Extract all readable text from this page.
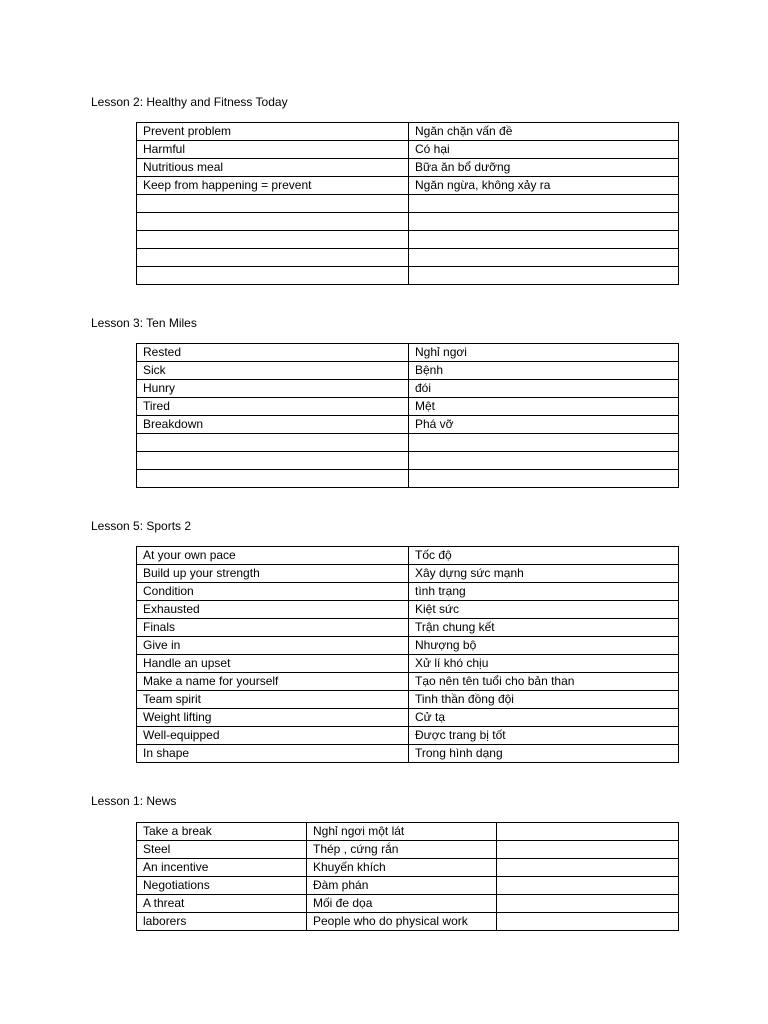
Lesson 2: Healthy and Fitness Today
Prevent problem	Ngăn chặn vấn đề
Harmful	Có hại
Nutritious meal	Bữa ăn bổ dưỡng
Keep from happening = prevent	Ngăn ngừa, không xảy ra

Lesson 3: Ten Miles
Rested	Nghỉ ngơi
Sick	Bệnh
Hunry	đói
Tired	Mệt
Breakdown	Phá vỡ

Lesson 5: Sports 2
At your own pace	Tốc độ
Build up your strength	Xây dựng sức mạnh
Condition	tình trạng
Exhausted	Kiệt sức
Finals	Trận chung kết
Give in	Nhượng bộ
Handle an upset	Xử lí khó chịu
Make a name for yourself	Tạo nên tên tuổi cho bản than
Team spirit	Tinh thần đồng đội
Weight lifting	Cử tạ
Well-equipped	Được trang bị tốt
In shape	Trong hình dạng
Lesson 1: News
Take a break	Nghỉ ngơi một lát	
Steel	Thép , cứng rắn	
An incentive	Khuyến khích	
Negotiations	Đàm phán	
A threat	Mối đe dọa	
laborers	People who do physical work	
